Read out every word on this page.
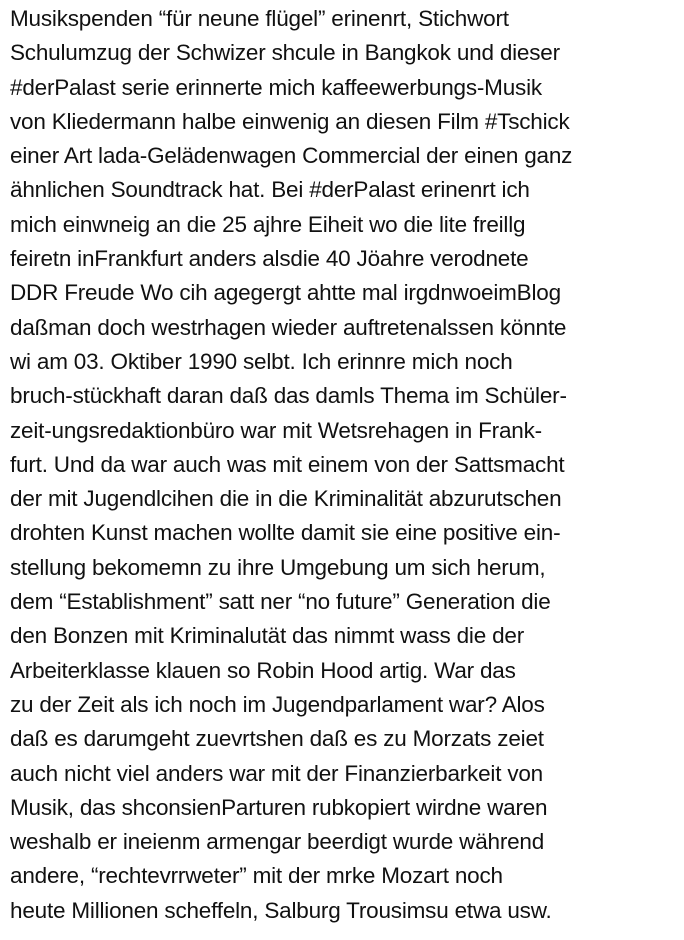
Musikspenden “für neune flügel” erinenrt, Stichwort
Schulumzug der Schwizer shcule in Bangkok und dieser
#derPalast serie erinnerte mich kaffeewerbungs-Musik
von Kliedermann halbe einwenig an diesen Film #Tschick
einer Art lada-Gelädenwagen Commercial der einen ganz
ähnlichen Soundtrack hat. Bei #derPalast erinenrt ich
mich einwneig an die 25 ajhre Eiheit wo die lite freillg
feiretn inFrankfurt anders alsdie 40 Jöahre verodnete
DDR Freude Wo cih agegergt ahtte mal irgdnwoeimBlog
daßman doch westrhagen wieder auftretenalssen könnte
wi am 03. Oktiber 1990 selbt. Ich erinnre mich noch
bruch-stückhaft daran daß das damls Thema im Schüler-
zeit-ungsredaktionbüro war mit Wetsrehagen in Frank-
furt. Und da war auch was mit einem von der Sattsmacht
der mit Jugendlcihen die in die Kriminalität abzurutschen
drohten Kunst machen wollte damit sie eine positive ein-
stellung bekomemn zu ihre Umgebung um sich herum,
dem “Establishment” satt ner “no future” Generation die
den Bonzen mit Kriminalutät das nimmt wass die der
Arbeiterklasse klauen so Robin Hood artig. War das
zu der Zeit als ich noch im Jugendparlament war? Alos
daß es darumgeht zuevrtshen daß es zu Morzats zeiet
auch nicht viel anders war mit der Finanzierbarkeit von
Musik, das shconsienParturen rubkopiert wirdne waren
weshalb er ineienm armengar beerdigt wurde während
andere, “rechtevrrweter” mit der mrke Mozart noch
heute Millionen scheffeln, Salburg Trousimsu etwa usw.
